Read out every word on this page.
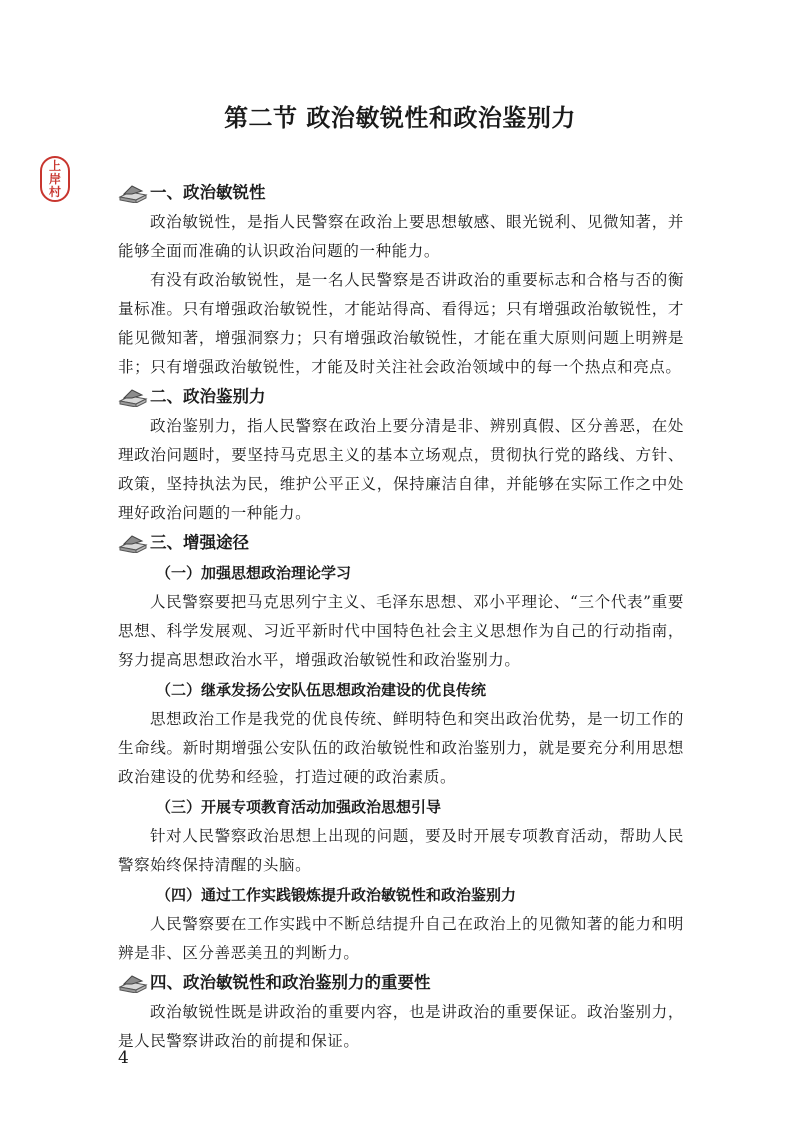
上
岸
村
第二节 政治敏锐性和政治鉴别力
一、政治敏锐性

政治敏锐性，是指人民警察在政治上要思想敏感、眼光锐利、见微知著，并能够全面而准确的认识政治问题的一种能力。

有没有政治敏锐性，是一名人民警察是否讲政治的重要标志和合格与否的衡量标准。只有增强政治敏锐性，才能站得高、看得远；只有增强政治敏锐性，才能见微知著，增强洞察力；只有增强政治敏锐性，才能在重大原则问题上明辨是非；只有增强政治敏锐性，才能及时关注社会政治领域中的每一个热点和亮点。

二、政治鉴别力

政治鉴别力，指人民警察在政治上要分清是非、辨别真假、区分善恶，在处理政治问题时，要坚持马克思主义的基本立场观点，贯彻执行党的路线、方针、政策，坚持执法为民，维护公平正义，保持廉洁自律，并能够在实际工作之中处理好政治问题的一种能力。

三、增强途径
（一）加强思想政治理论学习

人民警察要把马克思列宁主义、毛泽东思想、邓小平理论、“三个代表”重要思想、科学发展观、习近平新时代中国特色社会主义思想作为自己的行动指南，努力提高思想政治水平，增强政治敏锐性和政治鉴别力。

（二）继承发扬公安队伍思想政治建设的优良传统

思想政治工作是我党的优良传统、鲜明特色和突出政治优势，是一切工作的生命线。新时期增强公安队伍的政治敏锐性和政治鉴别力，就是要充分利用思想政治建设的优势和经验，打造过硬的政治素质。

（三）开展专项教育活动加强政治思想引导

针对人民警察政治思想上出现的问题，要及时开展专项教育活动，帮助人民警察始终保持清醒的头脑。

（四）通过工作实践锻炼提升政治敏锐性和政治鉴别力

人民警察要在工作实践中不断总结提升自己在政治上的见微知著的能力和明辨是非、区分善恶美丑的判断力。

四、政治敏锐性和政治鉴别力的重要性

政治敏锐性既是讲政治的重要内容，也是讲政治的重要保证。政治鉴别力，是人民警察讲政治的前提和保证。

4
